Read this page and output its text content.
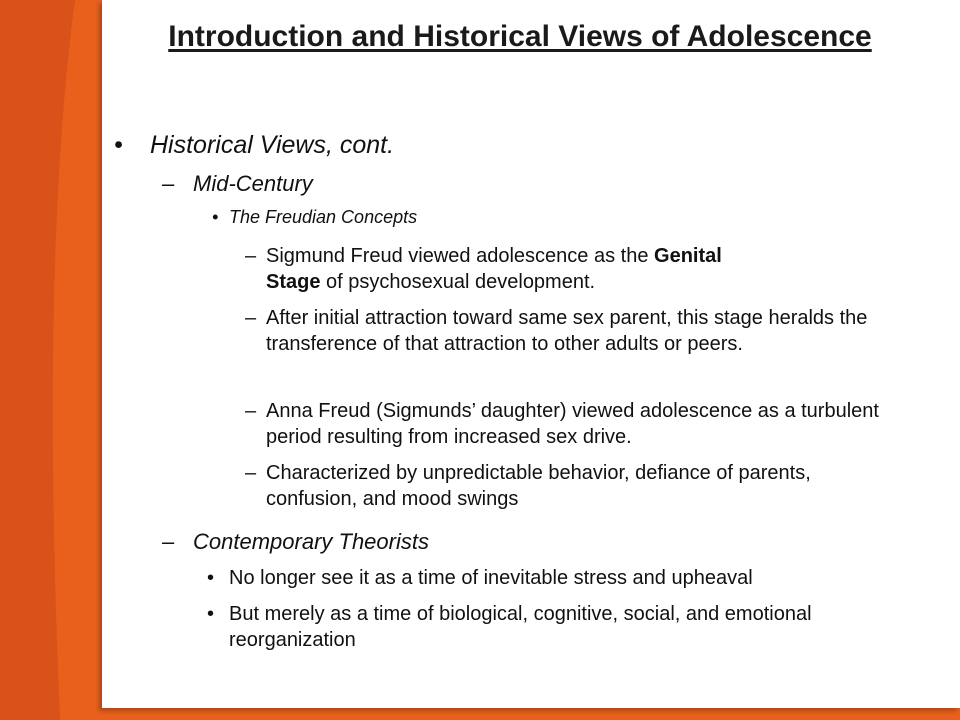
Introduction and Historical Views of Adolescence
• Historical Views, cont.
– Mid-Century
• The Freudian Concepts
– Sigmund Freud viewed adolescence as the Genital
Stage of psychosexual development.
– After initial attraction toward same sex parent, this stage heralds the transference of that attraction to other adults or peers.
– Anna Freud (Sigmunds’ daughter) viewed adolescence as a turbulent period resulting from increased sex drive.
– Characterized by unpredictable behavior, defiance of parents, confusion, and mood swings
– Contemporary Theorists
• No longer see it as a time of inevitable stress and upheaval
• But merely as a time of biological, cognitive, social, and emotional reorganization
